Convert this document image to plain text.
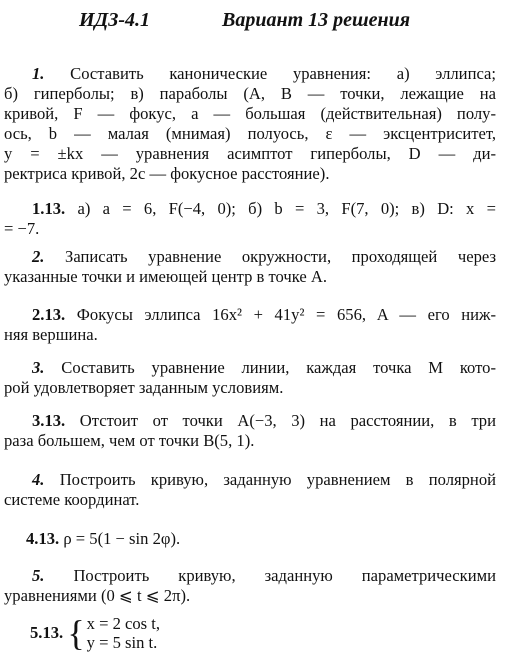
ИДЗ-4.1	Вариант 13 решения
1. Составить канонические уравнения: а) эллипса;
б) гиперболы; в) параболы (A, B — точки, лежащие на
кривой, F — фокус, a — большая (действительная) полу-
ось, b — малая (мнимая) полуось, ε — эксцентриситет,
y = ±kx — уравнения асимптот гиперболы, D — ди-
ректриса кривой, 2c — фокусное расстояние).
1.13. а) a = 6, F(−4, 0); б) b = 3, F(7, 0); в) D: x =
= −7.
2. Записать уравнение окружности, проходящей через
указанные точки и имеющей центр в точке A.
2.13. Фокусы эллипса 16x² + 41y² = 656, A — его ниж-
няя вершина.
3. Составить уравнение линии, каждая точка M кото-
рой удовлетворяет заданным условиям.
3.13. Отстоит от точки A(−3, 3) на расстоянии, в три
раза большем, чем от точки B(5, 1).
4. Построить кривую, заданную уравнением в полярной
системе координат.
4.13. ρ = 5(1 − sin 2φ).
5. Построить кривую, заданную параметрическими
уравнениями (0 ⩽ t ⩽ 2π).
5.13. { x = 2 cos t,
y = 5 sin t.
